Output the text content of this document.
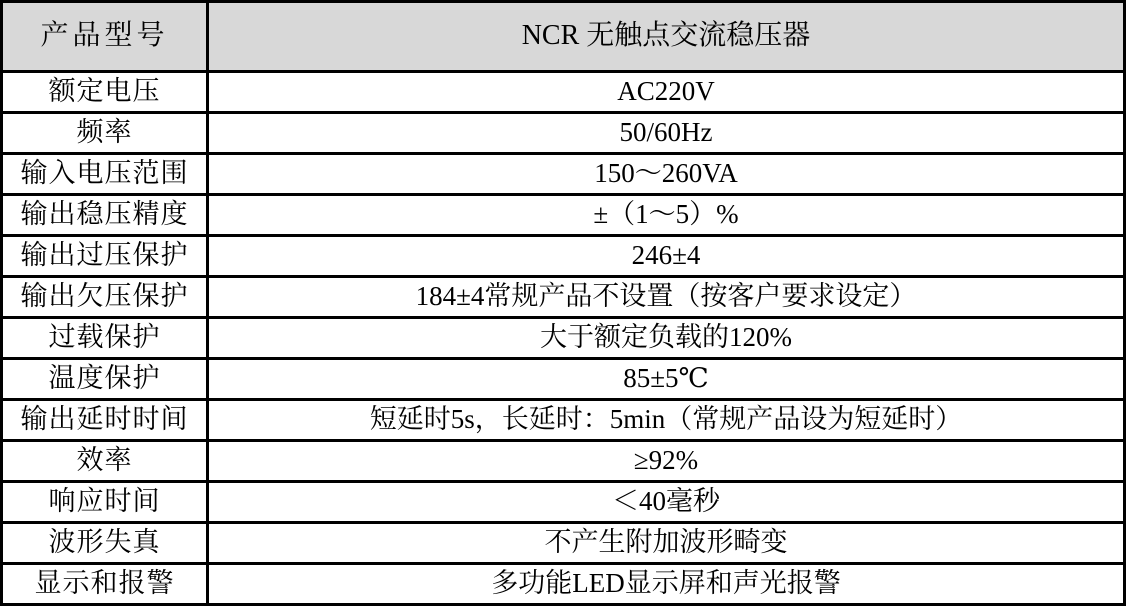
产品型号	NCR 无触点交流稳压器
额定电压	AC220V
频率	50/60Hz
输入电压范围	150～260VA
输出稳压精度	±（1～5）%
输出过压保护	246±4
输出欠压保护	184±4常规产品不设置（按客户要求设定）
过载保护	大于额定负载的120%
温度保护	85±5℃
输出延时时间	短延时5s，长延时：5min（常规产品设为短延时）
效率	≥92%
响应时间	＜40毫秒
波形失真	不产生附加波形畸变
显示和报警	多功能LED显示屏和声光报警
